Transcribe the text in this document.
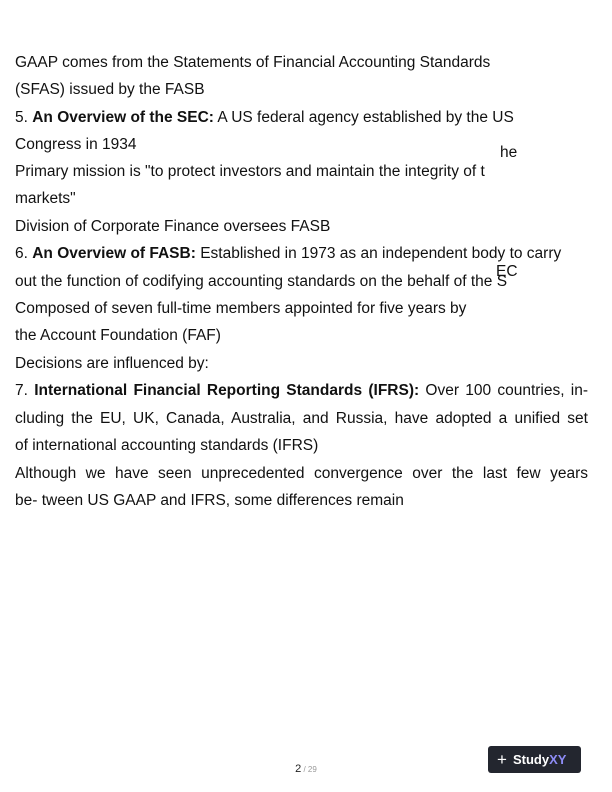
GAAP comes from the Statements of Financial Accounting Standards
(SFAS) issued by the FASB
5. An Overview of the SEC: A US federal agency established by the US
Congress in 1934	he
Primary mission is "to protect investors and maintain the integrity of t
markets"
Division of Corporate Finance oversees FASB
6. An Overview of FASB: Established in 1973 as an independent body to carry
out the function of codifying accounting standards on the behalf of the S
EC
Composed of seven full-time members appointed for five years by
the Account Foundation (FAF)
Decisions are influenced by:
7. International Financial Reporting Standards (IFRS): Over 100 countries, in-
cluding the EU, UK, Canada, Australia, and Russia, have adopted a unified set
of international accounting standards (IFRS)
Although we have seen unprecedented convergence over the last few years
be- tween US GAAP and IFRS, some differences remain
2 / 29
+ StudyXY
